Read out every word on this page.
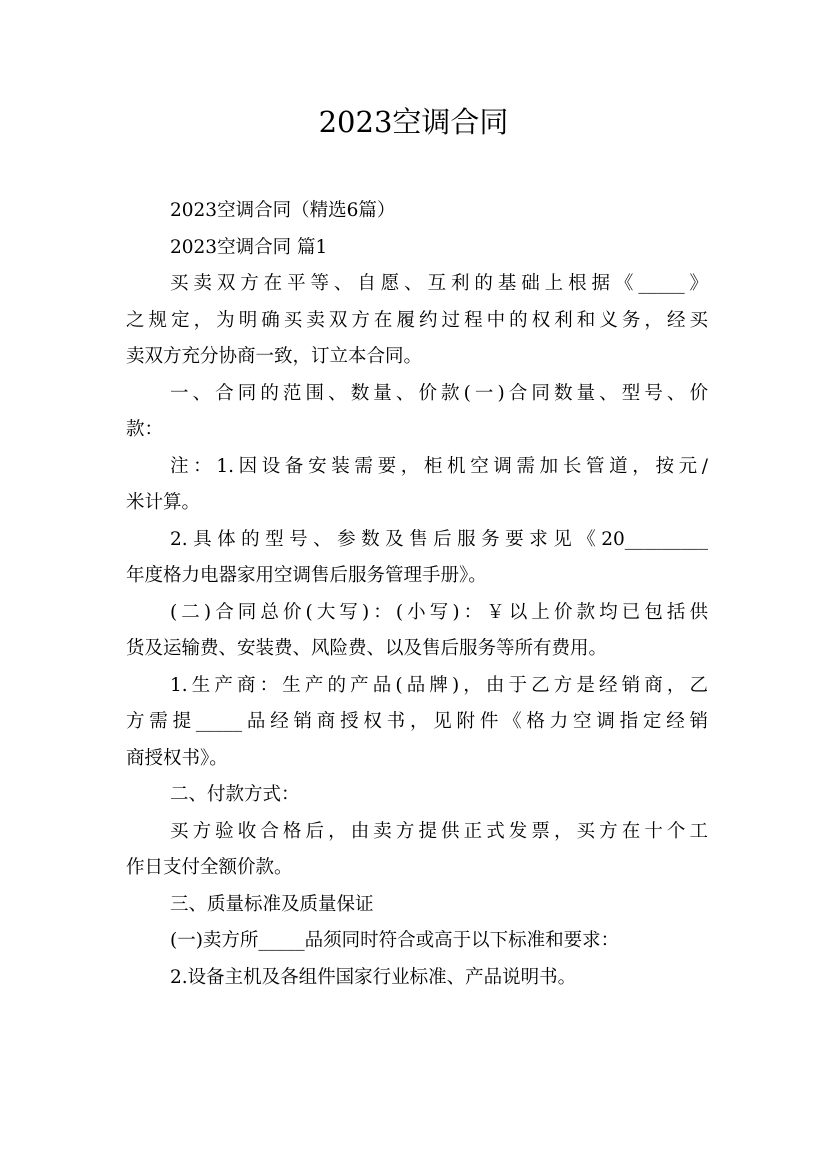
2023空调合同

2023空调合同（精选6篇）

2023空调合同 篇1

买卖双方在平等、自愿、互利的基础上根据《_____》
之规定，为明确买卖双方在履约过程中的权利和义务，经买
卖双方充分协商一致，订立本合同。

一、合同的范围、数量、价款(一)合同数量、型号、价
款：

注：1.因设备安装需要，柜机空调需加长管道，按元/
米计算。

2.具体的型号、参数及售后服务要求见《20_________
年度格力电器家用空调售后服务管理手册》。

(二)合同总价(大写)：(小写)：￥以上价款均已包括供
货及运输费、安装费、风险费、以及售后服务等所有费用。

1.生产商：生产的产品(品牌)，由于乙方是经销商，乙
方需提_____品经销商授权书，见附件《格力空调指定经销
商授权书》。

二、付款方式：

买方验收合格后，由卖方提供正式发票，买方在十个工
作日支付全额价款。

三、质量标准及质量保证

(一)卖方所_____品须同时符合或高于以下标准和要求：

2.设备主机及各组件国家行业标准、产品说明书。
